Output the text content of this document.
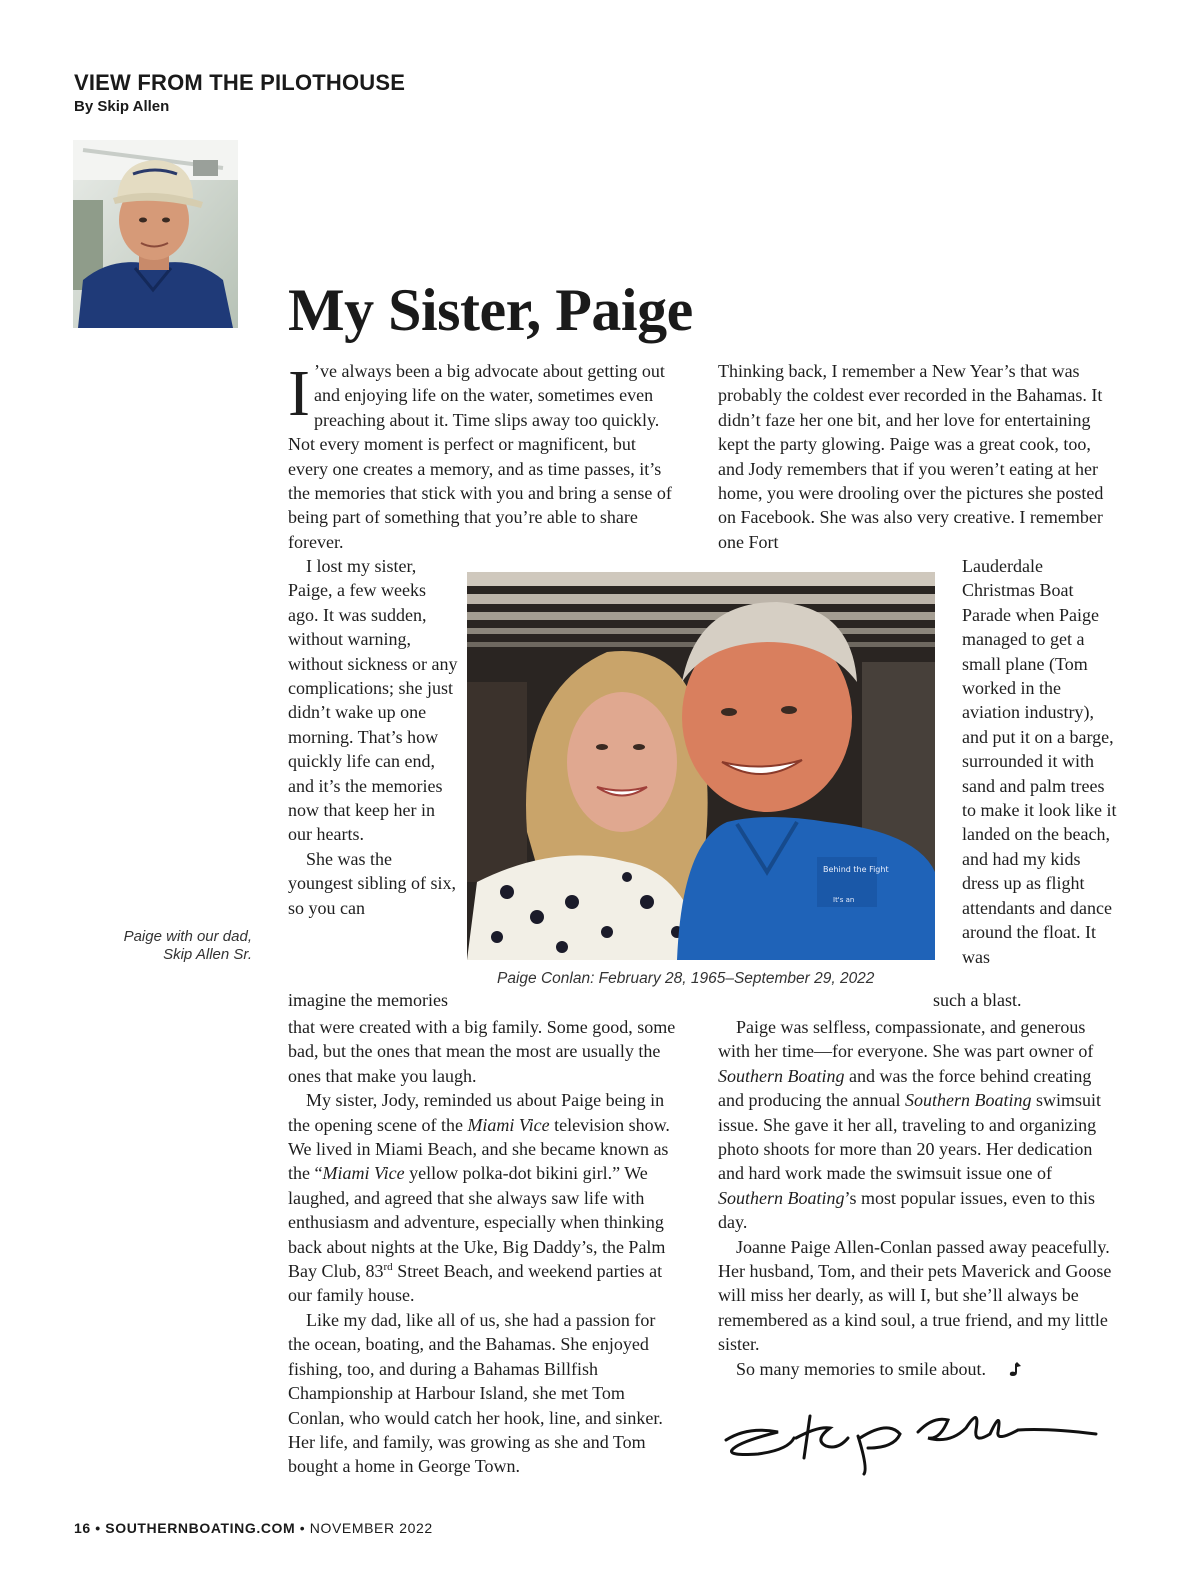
VIEW FROM THE PILOTHOUSE
By Skip Allen
My Sister, Paige

I ’ve always been a big advocate about getting out and enjoying life on the water, sometimes even preaching about it. Time slips away too quickly. Not every moment is perfect or magnificent, but every one creates a memory, and as time passes, it’s the memories that stick with you and bring a sense of being part of something that you’re able to share forever.

I lost my sister, Paige, a few weeks ago. It was sudden, without warning, without sickness or any complications; she just didn’t wake up one morning. That’s how quickly life can end, and it’s the memories now that keep her in our hearts.

She was the youngest sibling of six, so you can

imagine the memories

that were created with a big family. Some good, some bad, but the ones that mean the most are usually the ones that make you laugh.

My sister, Jody, reminded us about Paige being in the opening scene of the Miami Vice television show. We lived in Miami Beach, and she became known as the “Miami Vice yellow polka-dot bikini girl.” We laughed, and agreed that she always saw life with enthusiasm and adventure, especially when thinking back about nights at the Uke, Big Daddy’s, the Palm Bay Club, 83rd Street Beach, and weekend parties at our family house.

Like my dad, like all of us, she had a passion for the ocean, boating, and the Bahamas. She enjoyed fishing, too, and during a Bahamas Billfish Championship at Harbour Island, she met Tom Conlan, who would catch her hook, line, and sinker. Her life, and family, was growing as she and Tom bought a home in George Town.

Thinking back, I remember a New Year’s that was probably the coldest ever recorded in the Bahamas. It didn’t faze her one bit, and her love for entertaining kept the party glowing. Paige was a great cook, too, and Jody remembers that if you weren’t eating at her home, you were drooling over the pictures she posted on Facebook. She was also very creative. I remember one Fort

Lauderdale Christmas Boat Parade when Paige managed to get a small plane (Tom worked in the aviation industry), and put it on a barge, surrounded it with sand and palm trees to make it look like it landed on the beach, and had my kids dress up as flight attendants and dance around the float. It was

such a blast.

Paige was selfless, compassionate, and generous with her time—for everyone. She was part owner of Southern Boating and was the force behind creating and producing the annual Southern Boating swimsuit issue. She gave it her all, traveling to and organizing photo shoots for more than 20 years. Her dedication and hard work made the swimsuit issue one of Southern Boating’s most popular issues, even to this day.

Joanne Paige Allen-Conlan passed away peacefully. Her husband, Tom, and their pets Maverick and Goose will miss her dearly, as will I, but she’ll always be remembered as a kind soul, a true friend, and my little sister.

So many memories to smile about.

Behind the Fight
It's an
Paige Conlan: February 28, 1965–September 29, 2022
Paige with our dad,
Skip Allen Sr.
16 • SOUTHERNBOATING.COM • NOVEMBER 2022
